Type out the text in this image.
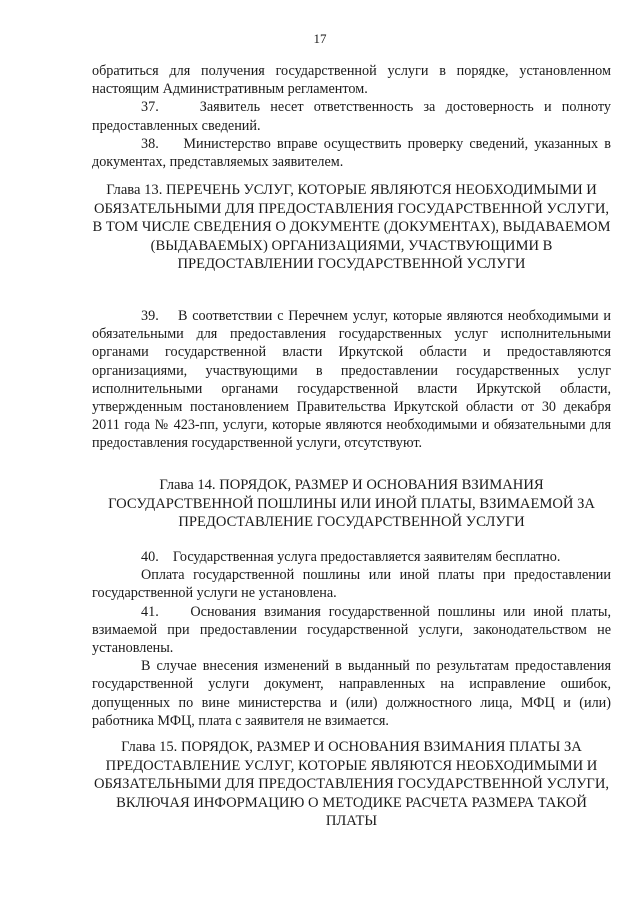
17

обратиться для получения государственной услуги в порядке, установленном настоящим Административным регламентом.

37.    Заявитель несет ответственность за достоверность и полноту предоставленных сведений.

38.    Министерство вправе осуществить проверку сведений, указанных в документах, представляемых заявителем.

Глава 13. ПЕРЕЧЕНЬ УСЛУГ, КОТОРЫЕ ЯВЛЯЮТСЯ НЕОБХОДИМЫМИ И ОБЯЗАТЕЛЬНЫМИ ДЛЯ ПРЕДОСТАВЛЕНИЯ ГОСУДАРСТВЕННОЙ УСЛУГИ, В ТОМ ЧИСЛЕ СВЕДЕНИЯ О ДОКУМЕНТЕ (ДОКУМЕНТАХ), ВЫДАВАЕМОМ (ВЫДАВАЕМЫХ) ОРГАНИЗАЦИЯМИ, УЧАСТВУЮЩИМИ В ПРЕДОСТАВЛЕНИИ ГОСУДАРСТВЕННОЙ УСЛУГИ

39.    В соответствии с Перечнем услуг, которые являются необходимыми и обязательными для предоставления государственных услуг исполнительными органами государственной власти Иркутской области и предоставляются организациями, участвующими в предоставлении государственных услуг исполнительными органами государственной власти Иркутской области, утвержденным постановлением Правительства Иркутской области от 30 декабря 2011 года № 423-пп, услуги, которые являются необходимыми и обязательными для предоставления государственной услуги, отсутствуют.

Глава 14. ПОРЯДОК, РАЗМЕР И ОСНОВАНИЯ ВЗИМАНИЯ ГОСУДАРСТВЕННОЙ ПОШЛИНЫ ИЛИ ИНОЙ ПЛАТЫ, ВЗИМАЕМОЙ ЗА ПРЕДОСТАВЛЕНИЕ ГОСУДАРСТВЕННОЙ УСЛУГИ

40.    Государственная услуга предоставляется заявителям бесплатно.

Оплата государственной пошлины или иной платы при предоставлении государственной услуги не установлена.

41.    Основания взимания государственной пошлины или иной платы, взимаемой при предоставлении государственной услуги, законодательством не установлены.

В случае внесения изменений в выданный по результатам предоставления государственной услуги документ, направленных на исправление ошибок, допущенных по вине министерства и (или) должностного лица, МФЦ и (или) работника МФЦ, плата с заявителя не взимается.

Глава 15. ПОРЯДОК, РАЗМЕР И ОСНОВАНИЯ ВЗИМАНИЯ ПЛАТЫ ЗА ПРЕДОСТАВЛЕНИЕ УСЛУГ, КОТОРЫЕ ЯВЛЯЮТСЯ НЕОБХОДИМЫМИ И ОБЯЗАТЕЛЬНЫМИ ДЛЯ ПРЕДОСТАВЛЕНИЯ ГОСУДАРСТВЕННОЙ УСЛУГИ, ВКЛЮЧАЯ ИНФОРМАЦИЮ О МЕТОДИКЕ РАСЧЕТА РАЗМЕРА ТАКОЙ ПЛАТЫ
